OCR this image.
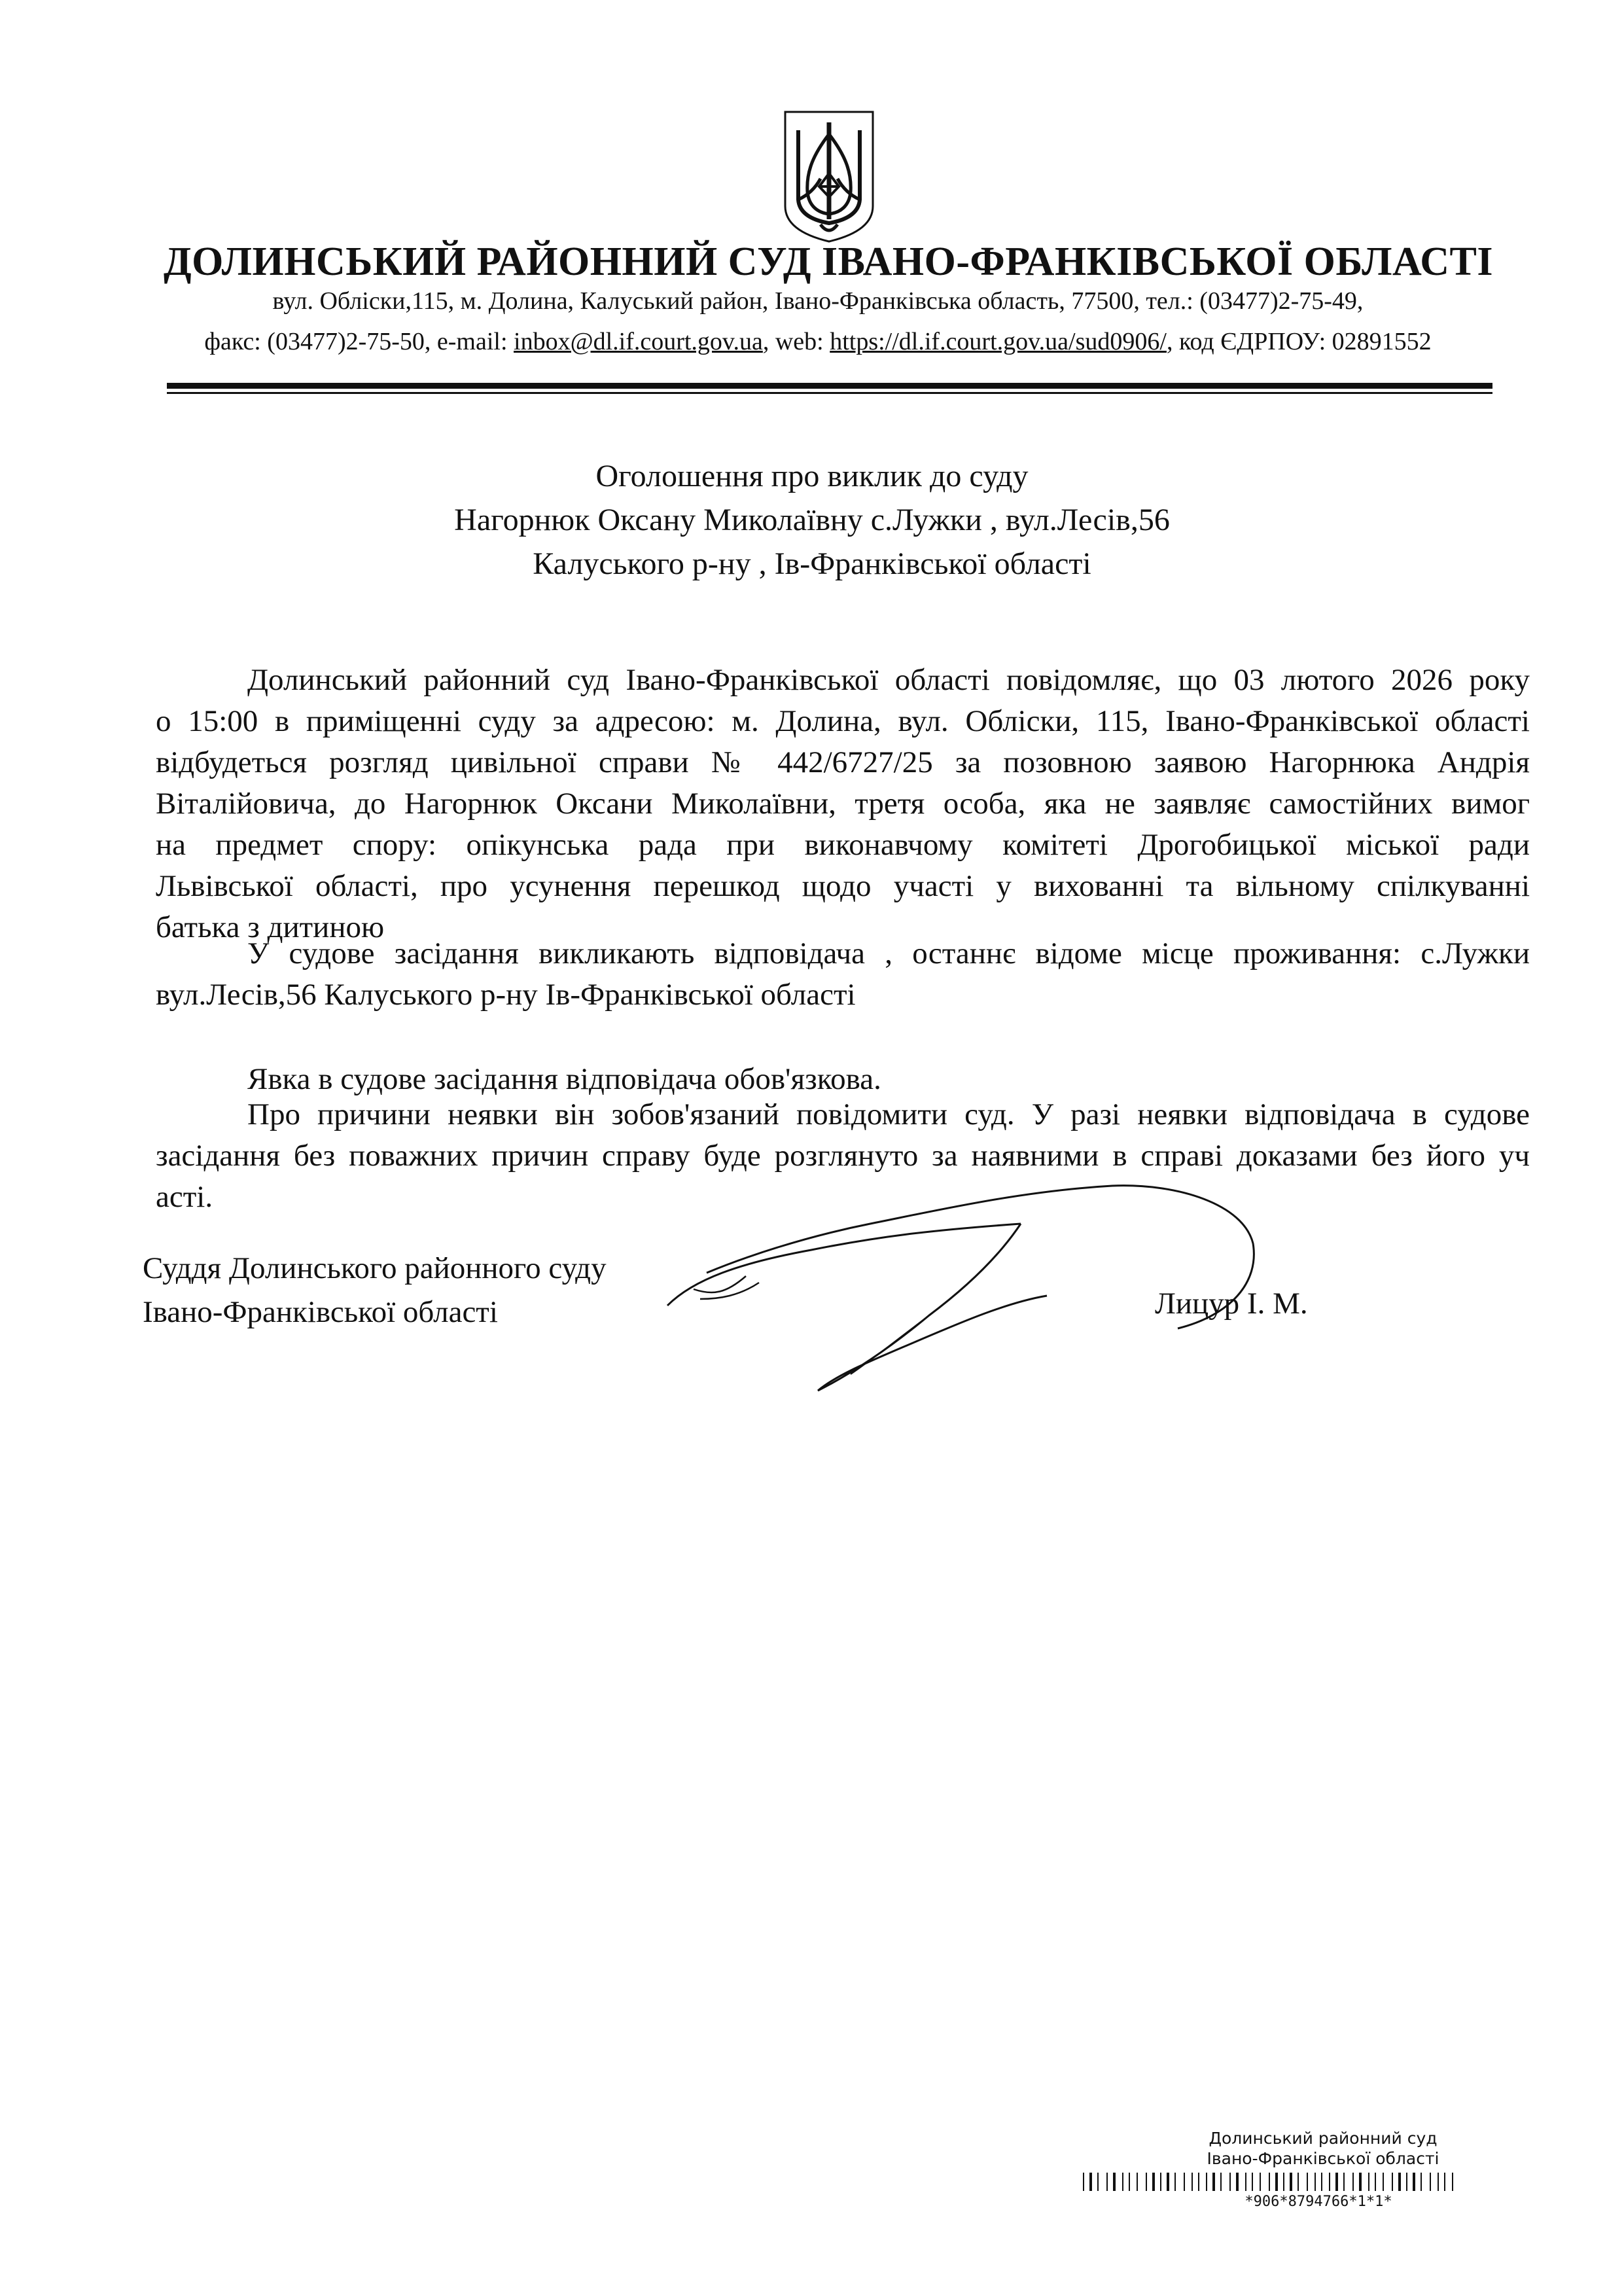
ДОЛИНСЬКИЙ РАЙОННИЙ СУД ІВАНО-ФРАНКІВСЬКОЇ ОБЛАСТІ
вул. Обліски,115, м. Долина, Калуський район, Івано-Франківська область, 77500, тел.: (03477)2-75-49,
факс: (03477)2-75-50, e-mail: inbox@dl.if.court.gov.ua, web: https://dl.if.court.gov.ua/sud0906/, код ЄДРПОУ: 02891552
Оголошення про виклик до суду
Нагорнюк Оксану Миколаївну с.Лужки , вул.Лесів,56
Калуського р-ну , Ів-Франківської області
Долинський районний суд Івано-Франківської області повідомляє, що 03 лютого 2026 року
о 15:00 в приміщенні суду за адресою: м. Долина, вул. Обліски, 115, Івано-Франківської області
відбудеться розгляд цивільної справи № 442/6727/25 за позовною заявою Нагорнюка Андрія
Віталійовича, до Нагорнюк Оксани Миколаївни, третя особа, яка не заявляє самостійних вимог
на предмет спору: опікунська рада при виконавчому комітеті Дрогобицької міської ради
Львівської області, про усунення перешкод щодо участі у вихованні та вільному спілкуванні
батька з дитиною
У судове засідання викликають відповідача , останнє відоме місце проживання: с.Лужки
вул.Лесів,56 Калуського р-ну Ів-Франківської області
Явка в судове засідання відповідача обов'язкова.
Про причини неявки він зобов'язаний повідомити суд. У разі неявки відповідача в судове
засідання без поважних причин справу буде розглянуто за наявними в справі доказами без його уч
асті.
Суддя Долинського районного суду
Івано-Франківської області	Лицур І. М.
Долинський районний суд
Івано-Франківської області
*906*8794766*1*1*
